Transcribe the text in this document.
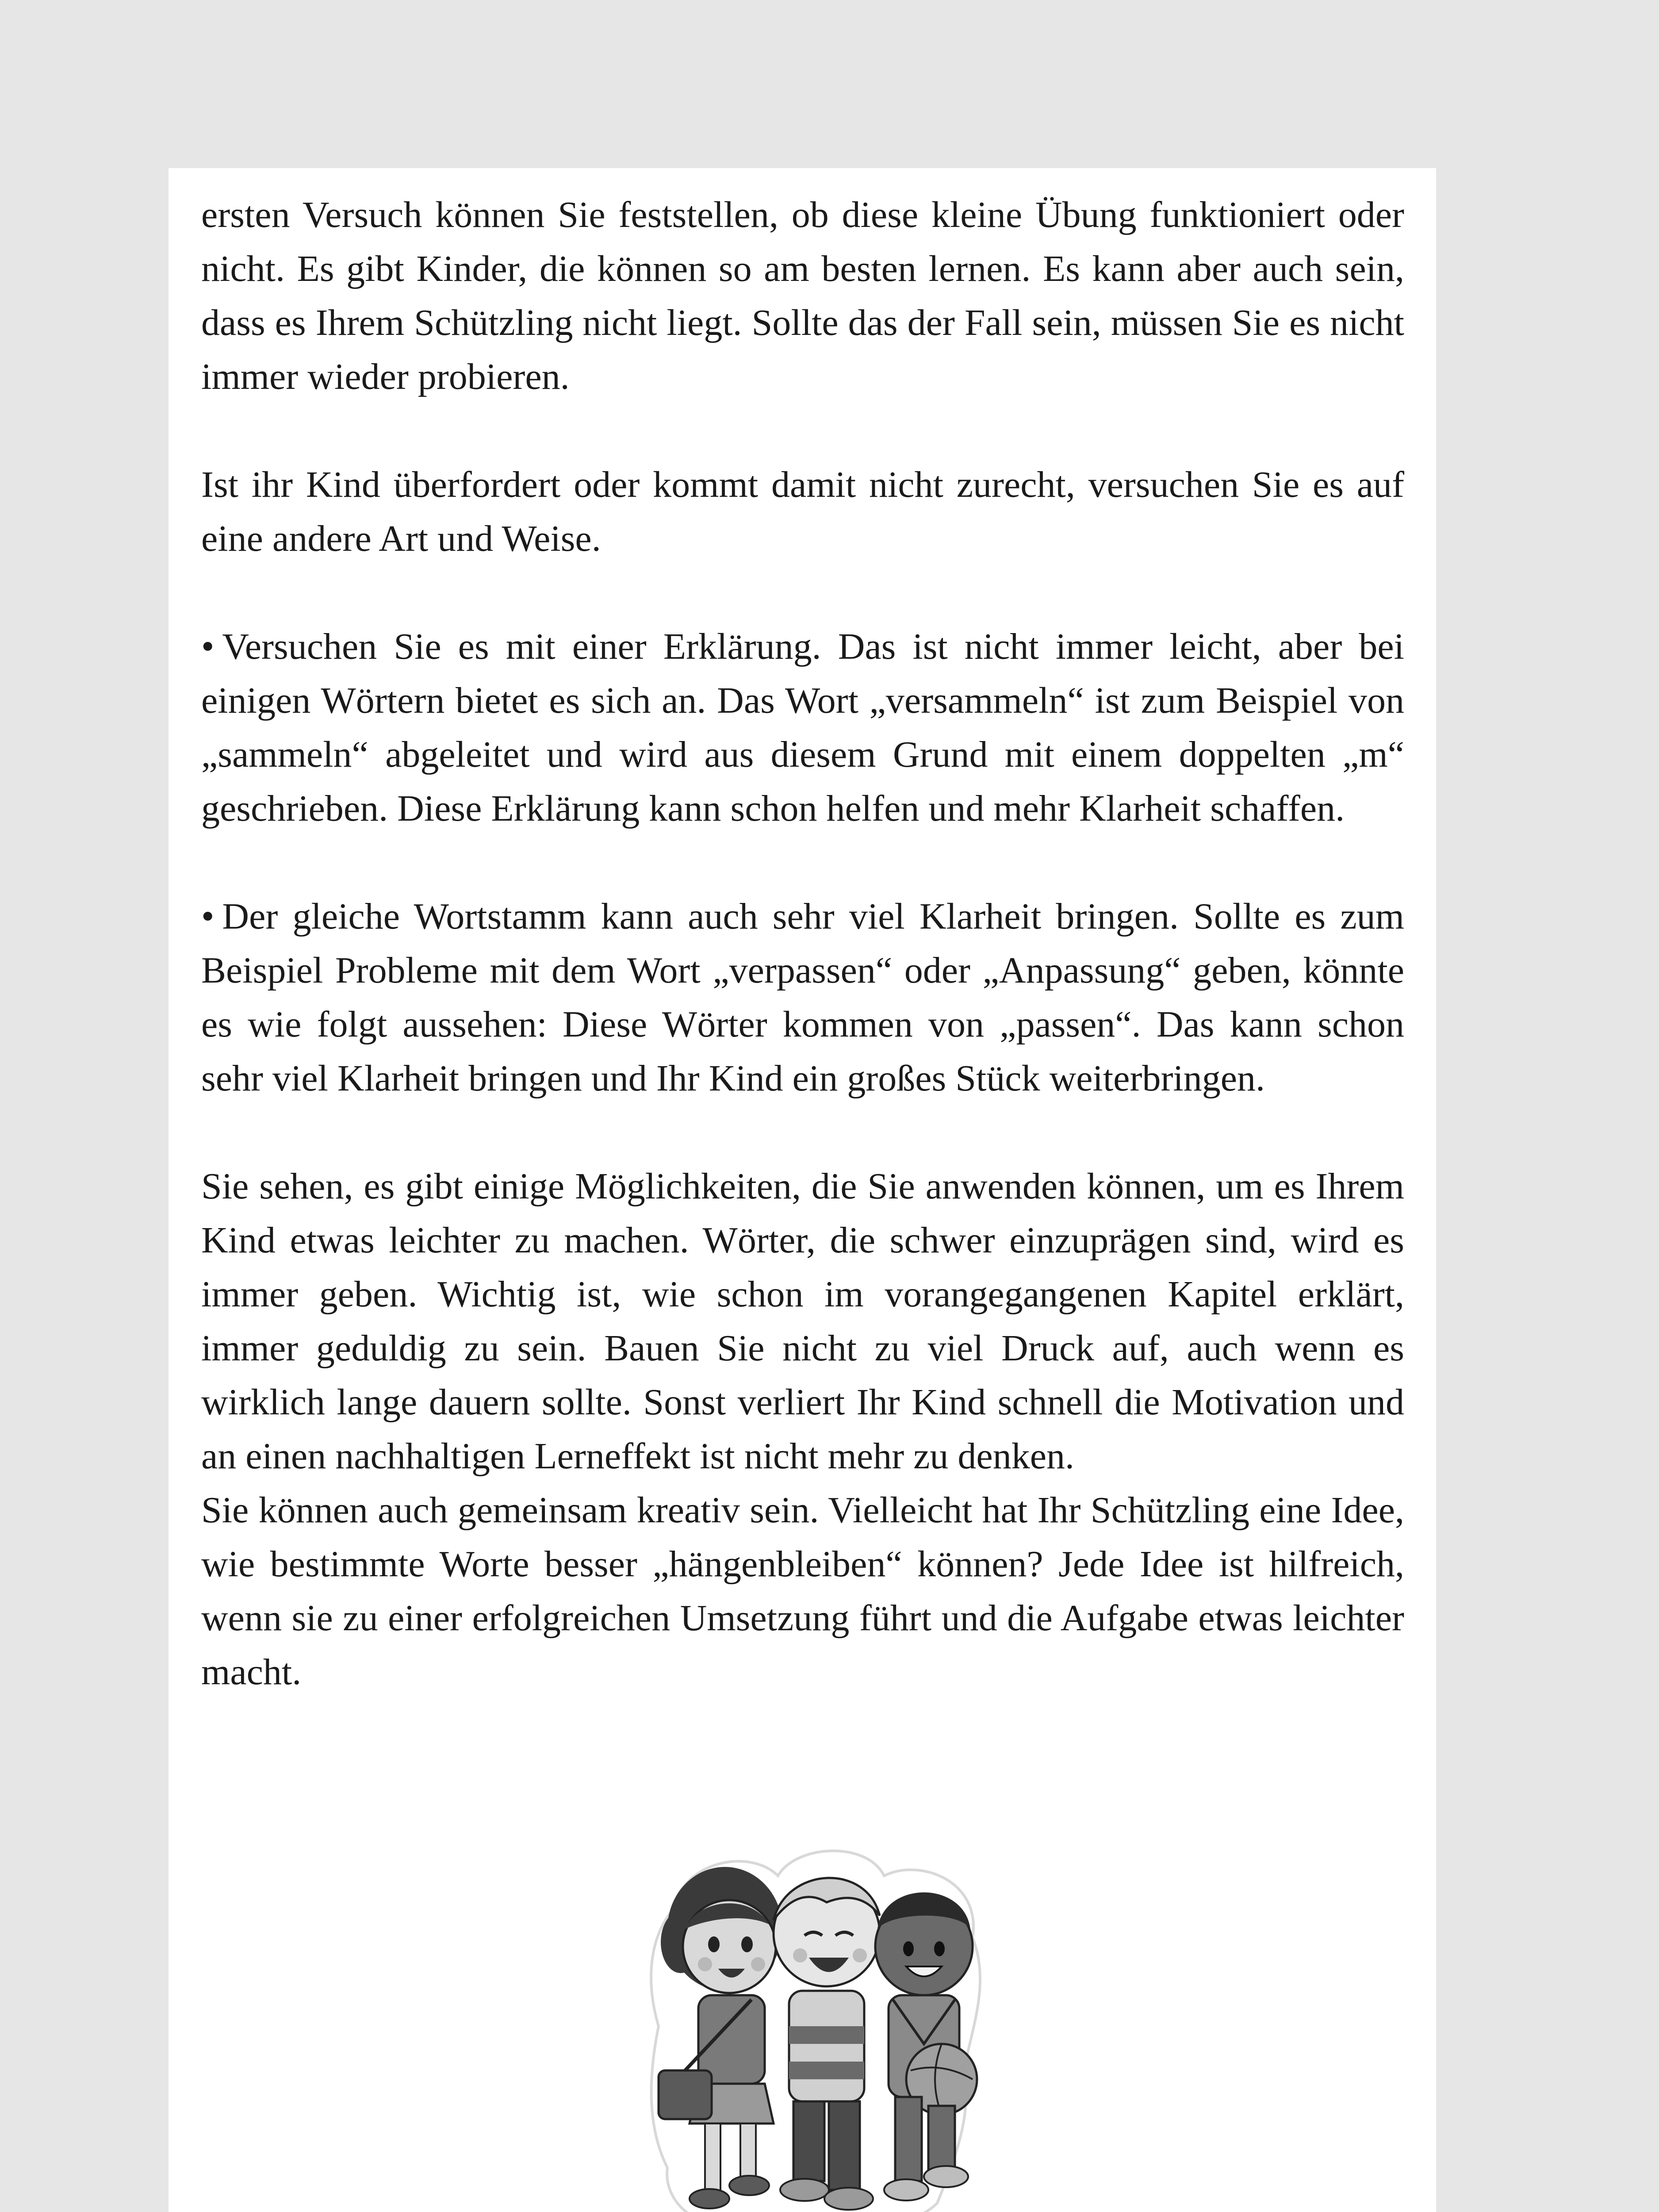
ersten Versuch können Sie feststellen, ob diese kleine Übung funktioniert oder nicht. Es gibt Kinder, die können so am besten lernen. Es kann aber auch sein, dass es Ihrem Schützling nicht liegt. Sollte das der Fall sein, müssen Sie es nicht immer wieder probieren.

Ist ihr Kind überfordert oder kommt damit nicht zurecht, versuchen Sie es auf eine andere Art und Weise.

• Versuchen Sie es mit einer Erklärung. Das ist nicht immer leicht, aber bei einigen Wörtern bietet es sich an. Das Wort „versammeln“ ist zum Beispiel von „sammeln“ abgeleitet und wird aus diesem Grund mit einem doppelten „m“ geschrieben. Diese Erklärung kann schon helfen und mehr Klarheit schaffen.

• Der gleiche Wortstamm kann auch sehr viel Klarheit bringen. Sollte es zum Beispiel Probleme mit dem Wort „verpassen“ oder „Anpassung“ geben, könnte es wie folgt aussehen: Diese Wörter kommen von „passen“. Das kann schon sehr viel Klarheit bringen und Ihr Kind ein großes Stück weiterbringen.

Sie sehen, es gibt einige Möglichkeiten, die Sie anwenden können, um es Ihrem Kind etwas leichter zu machen. Wörter, die schwer einzuprägen sind, wird es immer geben. Wichtig ist, wie schon im vorangegangenen Kapitel erklärt, immer geduldig zu sein. Bauen Sie nicht zu viel Druck auf, auch wenn es wirklich lange dauern sollte. Sonst verliert Ihr Kind schnell die Motivation und an einen nachhaltigen Lerneffekt ist nicht mehr zu denken.

Sie können auch gemeinsam kreativ sein. Vielleicht hat Ihr Schützling eine Idee, wie bestimmte Worte besser „hängenbleiben“ können? Jede Idee ist hilfreich, wenn sie zu einer erfolgreichen Umsetzung führt und die Aufgabe etwas leichter macht.
